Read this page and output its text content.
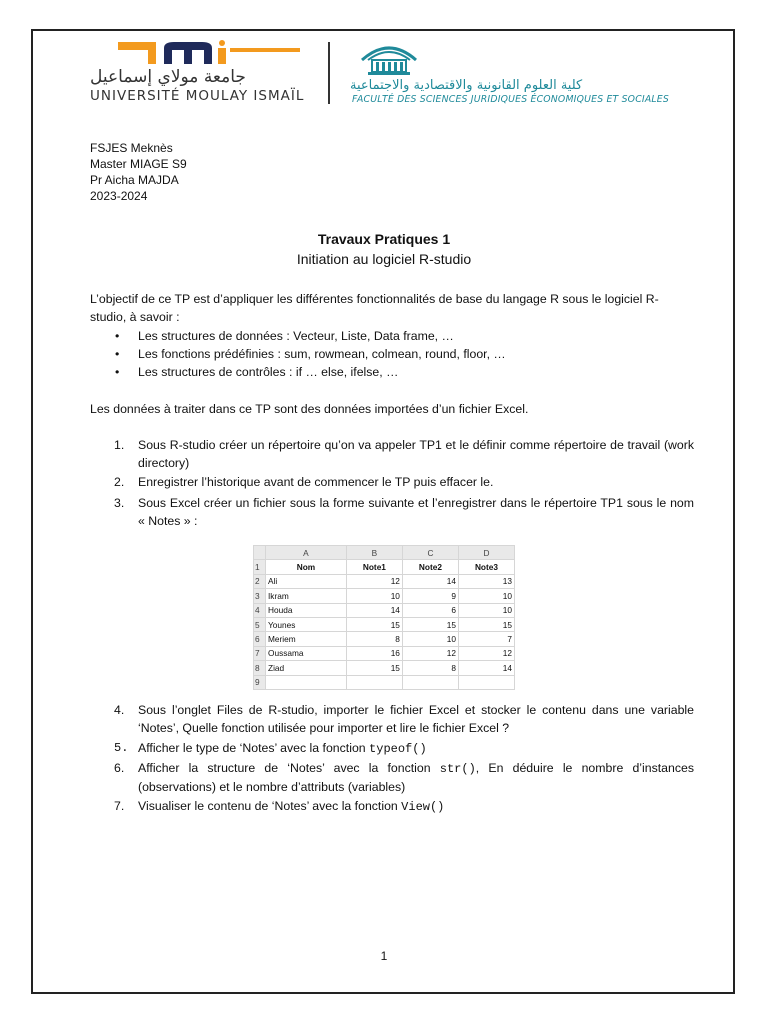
جامعة مولاي إسماعيل
UNIVERSITÉ MOULAY ISMAÏL
كلية العلوم القانونية والاقتصادية والاجتماعية
FACULTÉ DES SCIENCES JURIDIQUES ÉCONOMIQUES ET SOCIALES
FSJES Meknès
Master MIAGE S9
Pr Aicha MAJDA
2023-2024
Travaux Pratiques 1
Initiation au logiciel R-studio
L’objectif de ce TP est d’appliquer les différentes fonctionnalités de base du langage R sous le logiciel R-studio, à savoir :
• Les structures de données : Vecteur, Liste, Data frame, …
• Les fonctions prédéfinies : sum, rowmean, colmean, round, floor, …
• Les structures de contrôles : if … else, ifelse, …
Les données à traiter dans ce TP sont des données importées d’un fichier Excel.
1. Sous R-studio créer un répertoire qu’on va appeler TP1 et le définir comme répertoire de travail (work directory)
2. Enregistrer l’historique avant de commencer le TP puis effacer le.
3. Sous Excel créer un fichier sous la forme suivante et l’enregistrer dans le répertoire TP1 sous le nom « Notes » :
	A	B	C	D
1	Nom	Note1	Note2	Note3
2	Ali	12	14	13
3	Ikram	10	9	10
4	Houda	14	6	10
5	Younes	15	15	15
6	Meriem	8	10	7
7	Oussama	16	12	12
8	Ziad	15	8	14
9				
4. Sous l’onglet Files de R-studio, importer le fichier Excel et stocker le contenu dans une variable ‘Notes’, Quelle fonction utilisée pour importer et lire le fichier Excel ?
5. Afficher le type de ‘Notes’ avec la fonction typeof()
6. Afficher la structure de ‘Notes’ avec la fonction str(), En déduire le nombre d’instances (observations) et le nombre d’attributs (variables)
7. Visualiser le contenu de ‘Notes’ avec la fonction View()
1
